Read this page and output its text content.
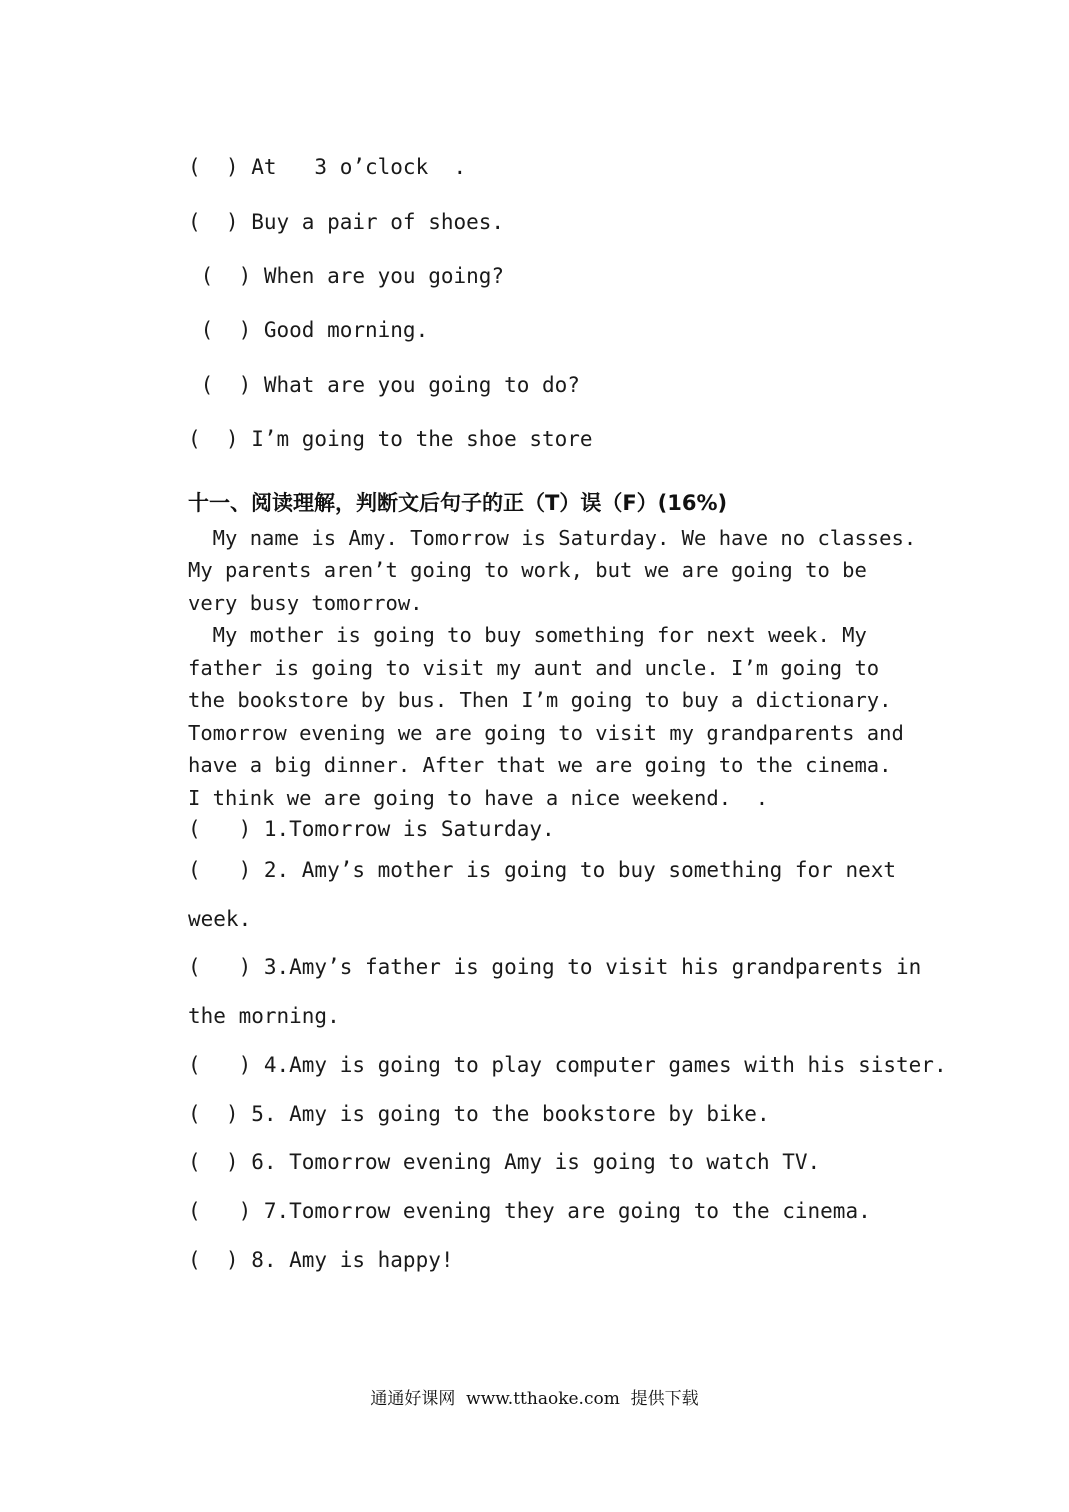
(  ) At   3 o’clock  .
(  ) Buy a pair of shoes.
(  ) When are you going?
(  ) Good morning.
(  ) What are you going to do?
(  ) I’m going to the shoe store
十一、阅读理解，判断文后句子的正（T）误（F）(16%)
My name is Amy. Tomorrow is Saturday. We have no classes.
My parents aren’t going to work, but we are going to be
very busy tomorrow.
My mother is going to buy something for next week. My
father is going to visit my aunt and uncle. I’m going to
the bookstore by bus. Then I’m going to buy a dictionary.
Tomorrow evening we are going to visit my grandparents and
have a big dinner. After that we are going to the cinema.
I think we are going to have a nice weekend.  .
(   ) 1.Tomorrow is Saturday.
(   ) 2. Amy’s mother is going to buy something for next
week.
(   ) 3.Amy’s father is going to visit his grandparents in
the morning.
(   ) 4.Amy is going to play computer games with his sister.
(  ) 5. Amy is going to the bookstore by bike.
(  ) 6. Tomorrow evening Amy is going to watch TV.
(   ) 7.Tomorrow evening they are going to the cinema.
(  ) 8. Amy is happy!
通通好课网  www.tthaoke.com  提供下载
